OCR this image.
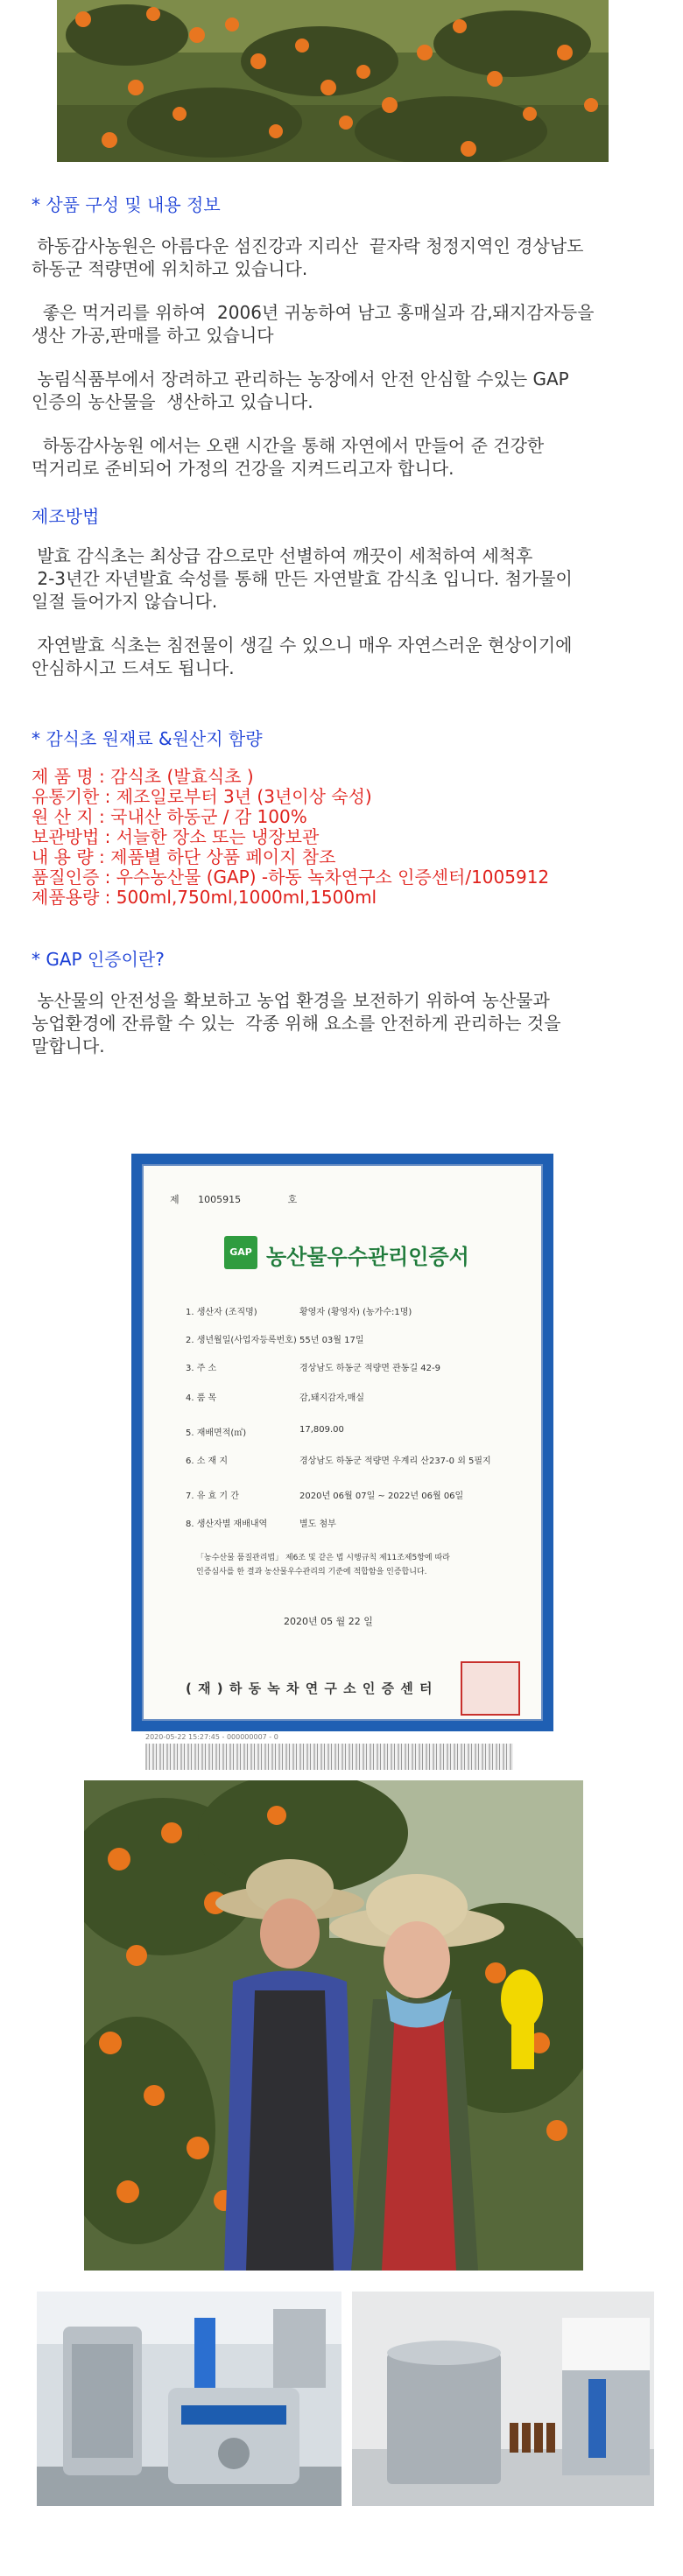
* 상품 구성 및 내용 정보
하동감사농원은 아름다운 섬진강과 지리산  끝자락 청정지역인 경상남도
하동군 적량면에 위치하고 있습니다.
좋은 먹거리를 위하여  2006년 귀농하여 남고 홍매실과 감,돼지감자등을
생산 가공,판매를 하고 있습니다
농림식품부에서 장려하고 관리하는 농장에서 안전 안심할 수있는 GAP
인증의 농산물을  생산하고 있습니다.
하동감사농원 에서는 오랜 시간을 통해 자연에서 만들어 준 건강한
먹거리로 준비되어 가정의 건강을 지켜드리고자 합니다.
제조방법
발효 감식초는 최상급 감으로만 선별하여 깨끗이 세척하여 세척후
2-3년간 자년발효 숙성를 통해 만든 자연발효 감식초 입니다. 첨가물이
일절 들어가지 않습니다.
자연발효 식초는 침전물이 생길 수 있으니 매우 자연스러운 현상이기에
안심하시고 드셔도 됩니다.
* 감식초 원재료 &원산지 함량
제 품 명 : 감식초 (발효식초 )
유통기한 : 제조일로부터 3년 (3년이상 숙성)
원 산 지 : 국내산 하동군 / 감 100%
보관방법 : 서늘한 장소 또는 냉장보관
내 용 량 : 제품별 하단 상품 페이지 참조
품질인증 : 우수농산물 (GAP) -하동 녹차연구소 인증센터/1005912
제품용량 : 500ml,750ml,1000ml,1500ml
* GAP 인증이란?
농산물의 안전성을 확보하고 농업 환경을 보전하기 위하여 농산물과
농업환경에 잔류할 수 있는  각종 위해 요소를 안전하게 관리하는 것을
말합니다.
제 1005915	호
GAP 농산물우수관리인증서
1. 생산자 (조직명)	황영자 (황영자) (농가수:1명)
2. 생년월일(사업자등록번호) 55년 03월 17일
3. 주 소	경상남도 하동군 적량면 관동길 42-9
4. 품 목	감,돼지감자,매실
5. 재배면적(㎡)	17,809.00
6. 소 재 지	경상남도 하동군 적량면 우계리 산237-0 외 5필지
7. 유 효 기 간	2020년 06월 07일 ~ 2022년 06월 06일
8. 생산자별 재배내역	별도 첨부
「농수산물 품질관리법」 제6조 및 같은 법 시행규칙 제11조제5항에 따라
인증심사를 한 결과 농산물우수관리의 기준에 적합함을 인증합니다.
2020년 05 월 22 일
( 재 ) 하 동 녹 차 연 구 소 인 증 센 터
2020-05-22 15:27:45 - 000000007 - 0
